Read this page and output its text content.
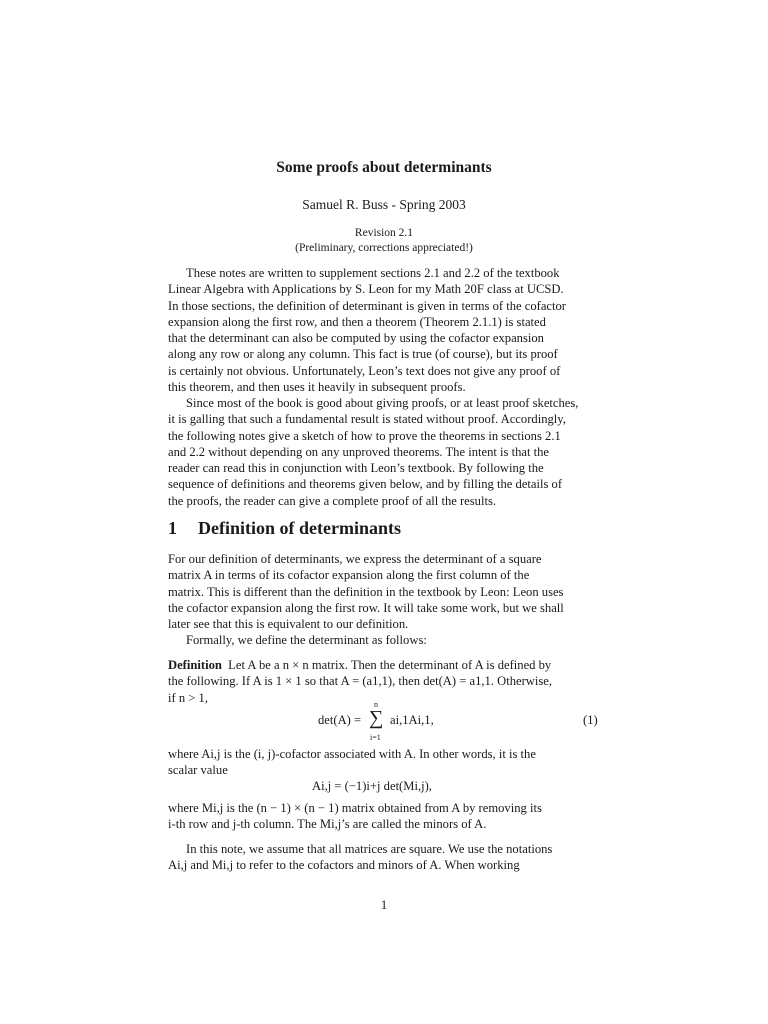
Some proofs about determinants
Samuel R. Buss - Spring 2003
Revision 2.1
(Preliminary, corrections appreciated!)
These notes are written to supplement sections 2.1 and 2.2 of the textbook
Linear Algebra with Applications by S. Leon for my Math 20F class at UCSD.
In those sections, the definition of determinant is given in terms of the cofactor
expansion along the first row, and then a theorem (Theorem 2.1.1) is stated
that the determinant can also be computed by using the cofactor expansion
along any row or along any column. This fact is true (of course), but its proof
is certainly not obvious. Unfortunately, Leon’s text does not give any proof of
this theorem, and then uses it heavily in subsequent proofs.
Since most of the book is good about giving proofs, or at least proof sketches,
it is galling that such a fundamental result is stated without proof. Accordingly,
the following notes give a sketch of how to prove the theorems in sections 2.1
and 2.2 without depending on any unproved theorems. The intent is that the
reader can read this in conjunction with Leon’s textbook. By following the
sequence of definitions and theorems given below, and by filling the details of
the proofs, the reader can give a complete proof of all the results.
1 Definition of determinants
For our definition of determinants, we express the determinant of a square
matrix A in terms of its cofactor expansion along the first column of the
matrix. This is different than the definition in the textbook by Leon: Leon uses
the cofactor expansion along the first row. It will take some work, but we shall
later see that this is equivalent to our definition.
Formally, we define the determinant as follows:
Definition Let A be a n × n matrix. Then the determinant of A is defined by
the following. If A is 1 × 1 so that A = (a1,1), then det(A) = a1,1. Otherwise,
if n > 1,
det(A) =
n
∑
i=1
ai,1Ai,1,	(1)
where Ai,j is the (i, j)-cofactor associated with A. In other words, it is the
scalar value
Ai,j = (−1)i+j det(Mi,j),
where Mi,j is the (n − 1) × (n − 1) matrix obtained from A by removing its
i-th row and j-th column. The Mi,j’s are called the minors of A.
In this note, we assume that all matrices are square. We use the notations
Ai,j and Mi,j to refer to the cofactors and minors of A. When working
1
